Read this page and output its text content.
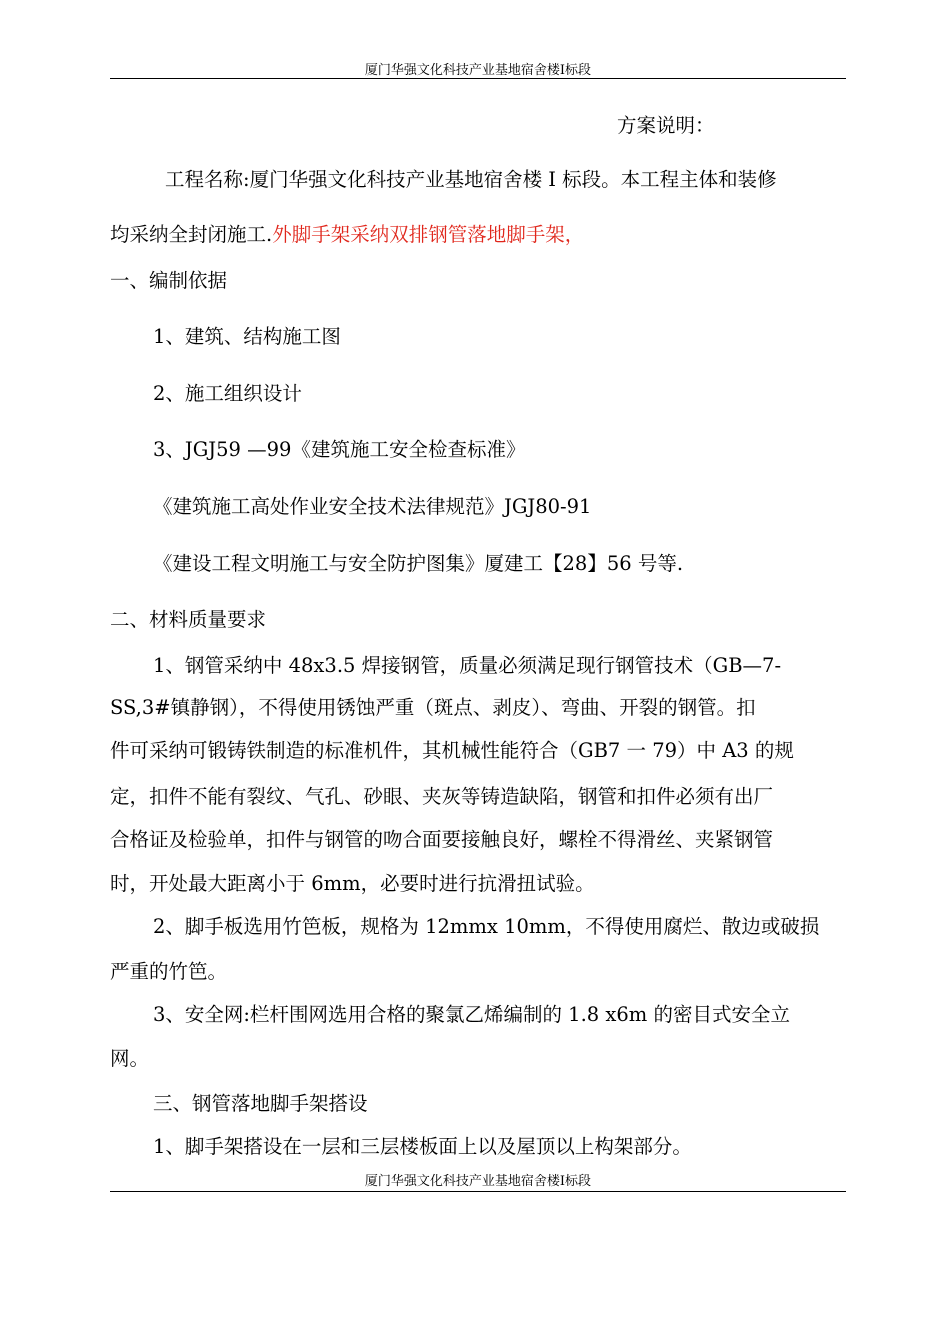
厦门华强文化科技产业基地宿舍楼I标段
方案说明：
工程名称:厦门华强文化科技产业基地宿舍楼 I 标段。本工程主体和装修
均采纳全封闭施工.外脚手架采纳双排钢管落地脚手架，
一、编制依据
1、建筑、结构施工图
2、施工组织设计
3、JGJ59 —99《建筑施工安全检查标准》
《建筑施工高处作业安全技术法律规范》JGJ80-91
《建设工程文明施工与安全防护图集》厦建工【28】56 号等.
二、材料质量要求
1、钢管采纳中 48x3.5 焊接钢管，质量必须满足现行钢管技术（GB—7-
SS,3#镇静钢），不得使用锈蚀严重（斑点、剥皮）、弯曲、开裂的钢管。扣
件可采纳可锻铸铁制造的标准机件，其机械性能符合（GB7 一 79）中 A3 的规
定，扣件不能有裂纹、气孔、砂眼、夹灰等铸造缺陷，钢管和扣件必须有出厂
合格证及检验单，扣件与钢管的吻合面要接触良好，螺栓不得滑丝、夹紧钢管
时，开处最大距离小于 6mm，必要时进行抗滑扭试验。
2、脚手板选用竹笆板，规格为 12mmx 10mm，不得使用腐烂、散边或破损
严重的竹笆。
3、安全网:栏杆围网选用合格的聚氯乙烯编制的 1.8 x6m 的密目式安全立
网。
三、钢管落地脚手架搭设
1、脚手架搭设在一层和三层楼板面上以及屋顶以上构架部分。
厦门华强文化科技产业基地宿舍楼I标段
